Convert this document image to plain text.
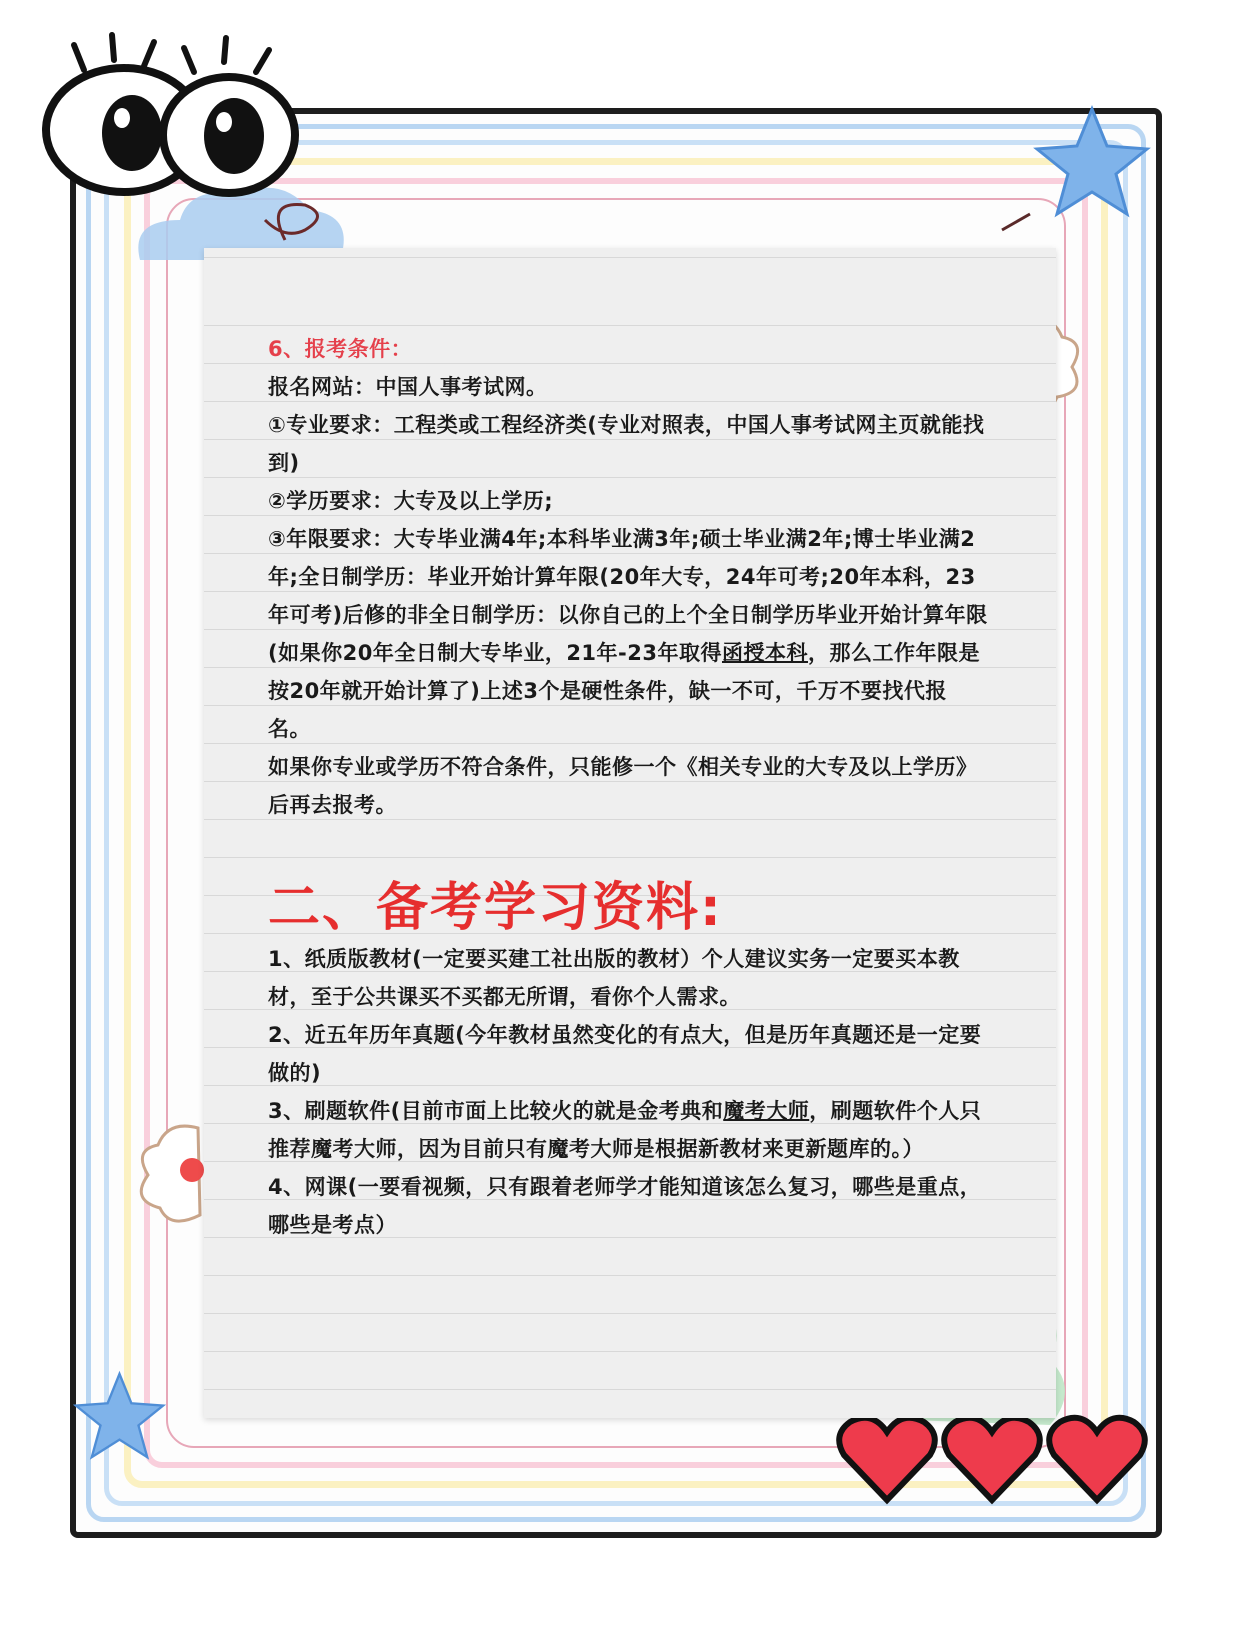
6、报考条件：

报名网站：中国人事考试网。

①专业要求：工程类或工程经济类(专业对照表，中国人事考试网主页就能找到)

②学历要求：大专及以上学历;

③年限要求：大专毕业满4年;本科毕业满3年;硕士毕业满2年;博士毕业满2年;全日制学历：毕业开始计算年限(20年大专，24年可考;20年本科，23年可考)后修的非全日制学历：以你自己的上个全日制学历毕业开始计算年限(如果你20年全日制大专毕业，21年-23年取得函授本科，那么工作年限是按20年就开始计算了)上述3个是硬性条件，缺一不可，千万不要找代报名。

如果你专业或学历不符合条件，只能修一个《相关专业的大专及以上学历》后再去报考。

二、备考学习资料:

1、纸质版教材(一定要买建工社出版的教材）个人建议实务一定要买本教材，至于公共课买不买都无所谓，看你个人需求。

2、近五年历年真题(今年教材虽然变化的有点大，但是历年真题还是一定要做的)

3、刷题软件(目前市面上比较火的就是金考典和魔考大师，刷题软件个人只推荐魔考大师，因为目前只有魔考大师是根据新教材来更新题库的。）

4、网课(一要看视频，只有跟着老师学才能知道该怎么复习，哪些是重点，哪些是考点）
